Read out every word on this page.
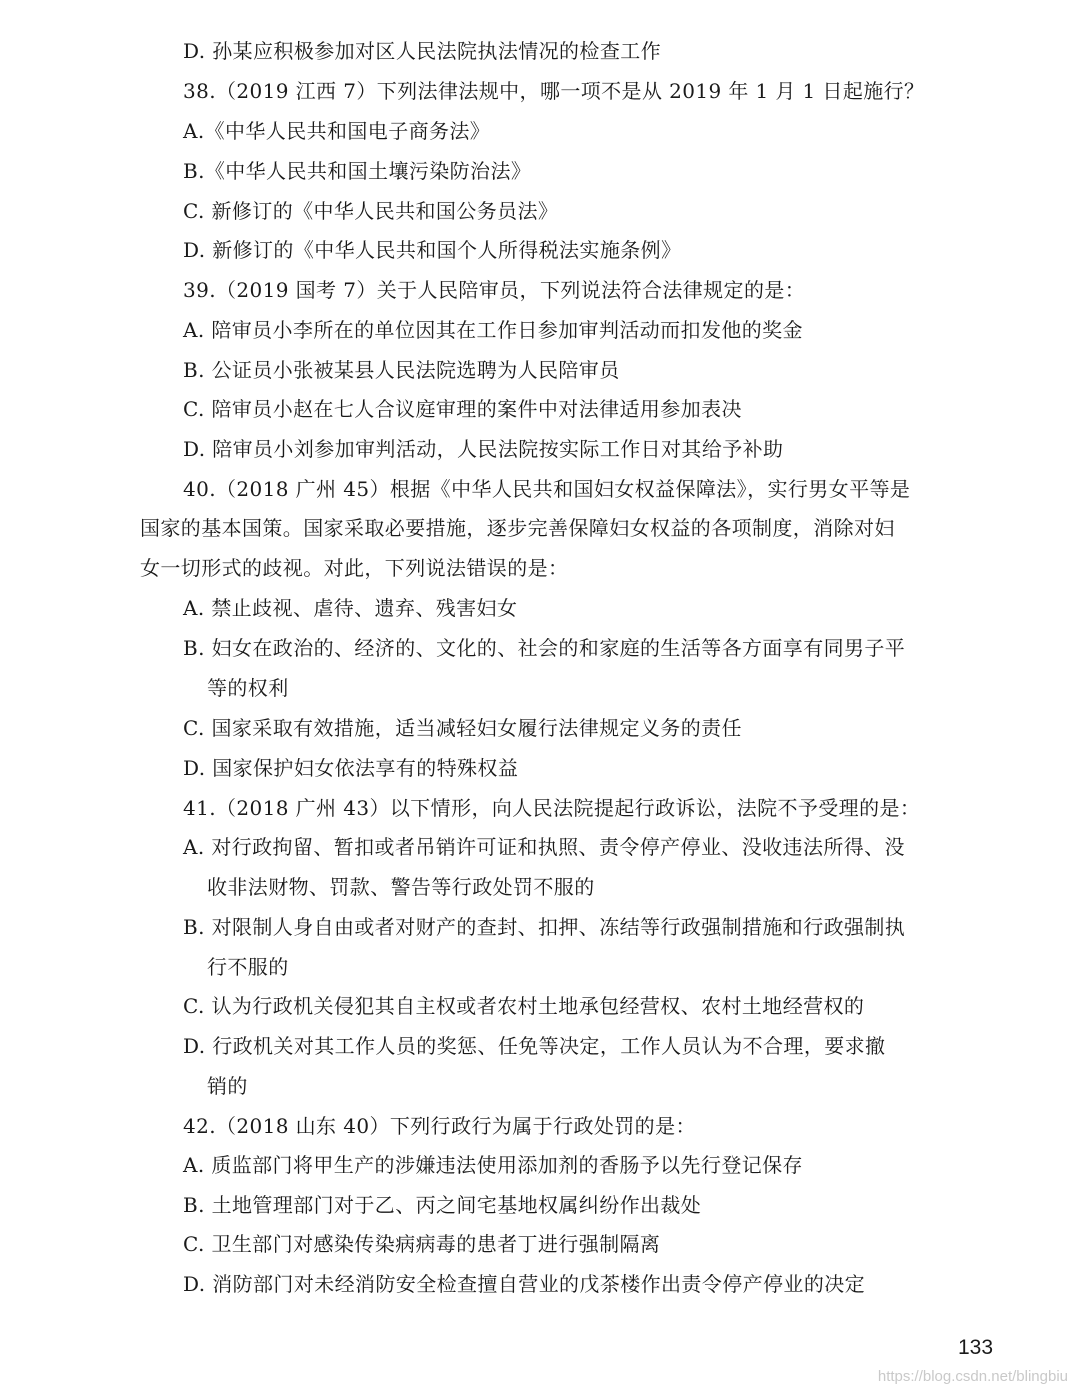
D. 孙某应积极参加对区人民法院执法情况的检查工作
38.（2019 江西 7）下列法律法规中，哪一项不是从 2019 年 1 月 1 日起施行？
A.《中华人民共和国电子商务法》
B.《中华人民共和国土壤污染防治法》
C. 新修订的《中华人民共和国公务员法》
D. 新修订的《中华人民共和国个人所得税法实施条例》
39.（2019 国考 7）关于人民陪审员，下列说法符合法律规定的是：
A. 陪审员小李所在的单位因其在工作日参加审判活动而扣发他的奖金
B. 公证员小张被某县人民法院选聘为人民陪审员
C. 陪审员小赵在七人合议庭审理的案件中对法律适用参加表决
D. 陪审员小刘参加审判活动，人民法院按实际工作日对其给予补助
40.（2018 广州 45）根据《中华人民共和国妇女权益保障法》，实行男女平等是
国家的基本国策。国家采取必要措施，逐步完善保障妇女权益的各项制度，消除对妇
女一切形式的歧视。对此，下列说法错误的是：
A. 禁止歧视、虐待、遗弃、残害妇女
B. 妇女在政治的、经济的、文化的、社会的和家庭的生活等各方面享有同男子平
等的权利
C. 国家采取有效措施，适当减轻妇女履行法律规定义务的责任
D. 国家保护妇女依法享有的特殊权益
41.（2018 广州 43）以下情形，向人民法院提起行政诉讼，法院不予受理的是：
A. 对行政拘留、暂扣或者吊销许可证和执照、责令停产停业、没收违法所得、没
收非法财物、罚款、警告等行政处罚不服的
B. 对限制人身自由或者对财产的查封、扣押、冻结等行政强制措施和行政强制执
行不服的
C. 认为行政机关侵犯其自主权或者农村土地承包经营权、农村土地经营权的
D. 行政机关对其工作人员的奖惩、任免等决定，工作人员认为不合理，要求撤
销的
42.（2018 山东 40）下列行政行为属于行政处罚的是：
A. 质监部门将甲生产的涉嫌违法使用添加剂的香肠予以先行登记保存
B. 土地管理部门对于乙、丙之间宅基地权属纠纷作出裁处
C. 卫生部门对感染传染病病毒的患者丁进行强制隔离
D. 消防部门对未经消防安全检查擅自营业的戊茶楼作出责令停产停业的决定
133
https://blog.csdn.net/blingbiu
